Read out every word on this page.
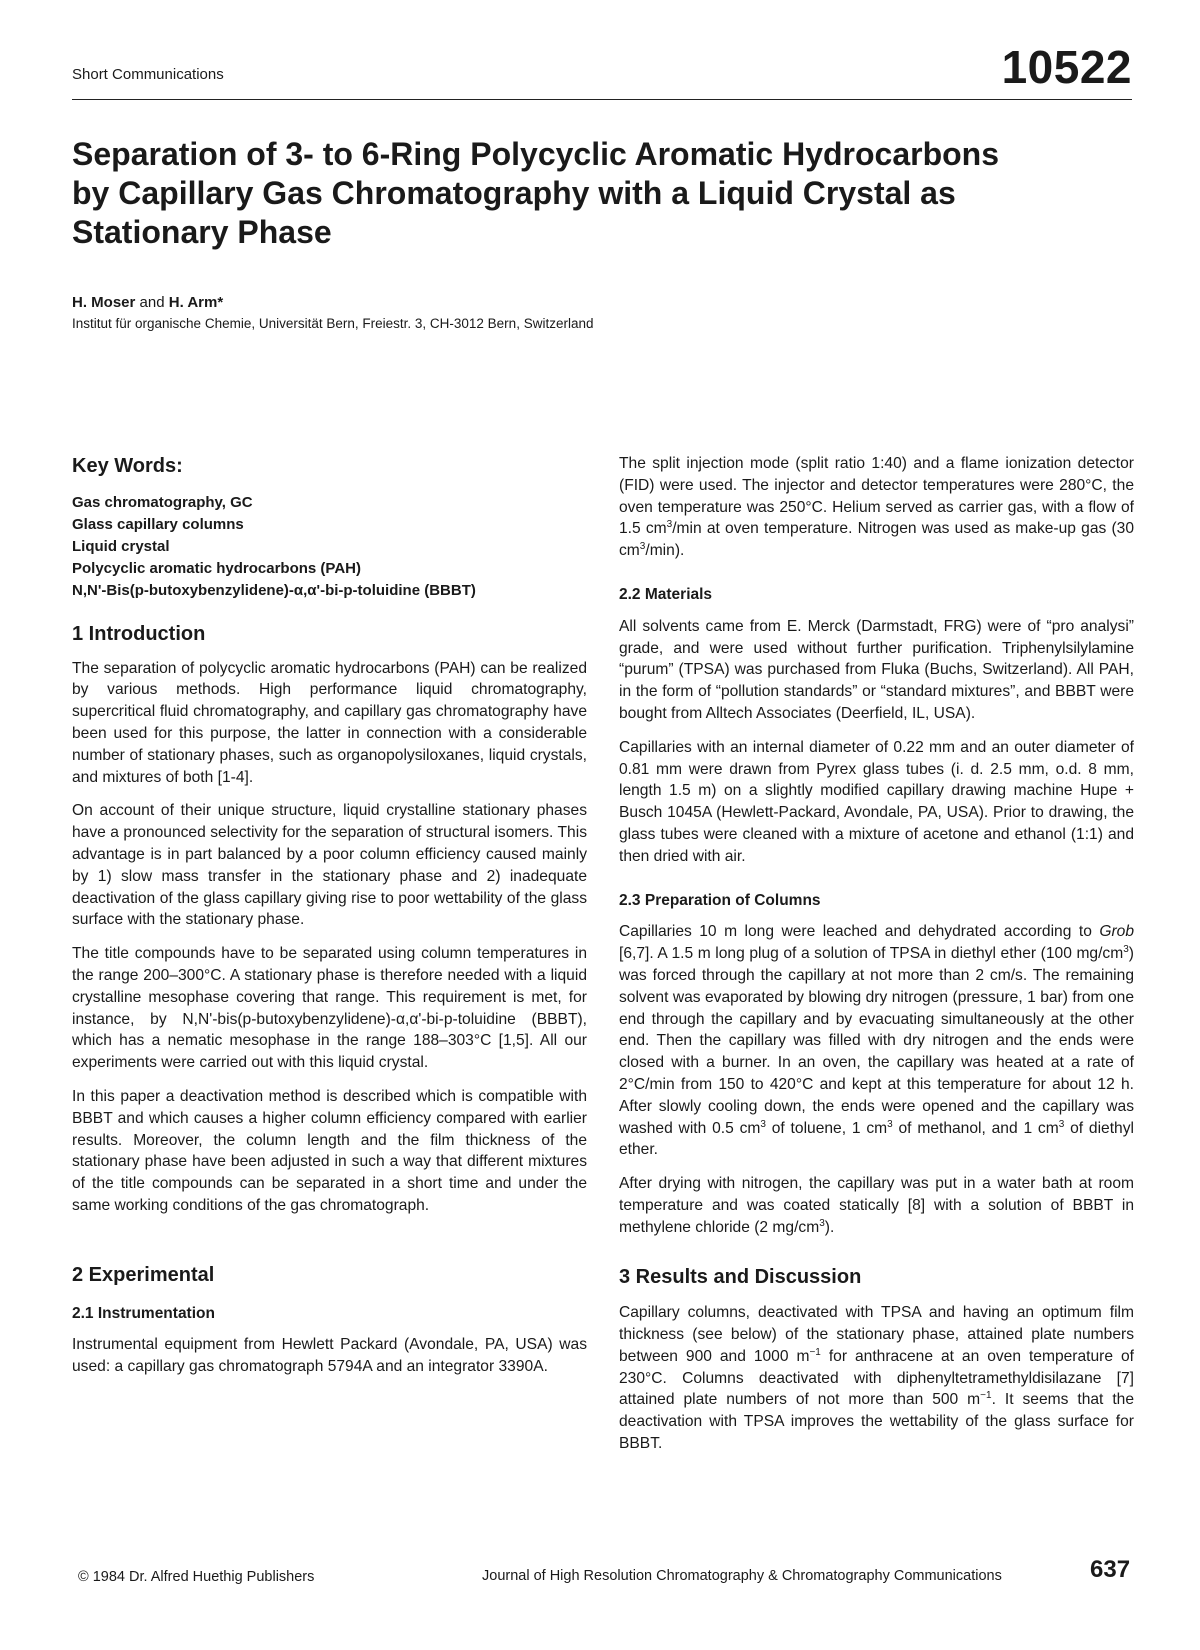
Short Communications	10522
Separation of 3- to 6-Ring Polycyclic Aromatic Hydrocarbons by Capillary Gas Chromatography with a Liquid Crystal as Stationary Phase
H. Moser and H. Arm*
Institut für organische Chemie, Universität Bern, Freiestr. 3, CH-3012 Bern, Switzerland
Key Words:
Gas chromatography, GC
Glass capillary columns
Liquid crystal
Polycyclic aromatic hydrocarbons (PAH)
N,N'-Bis(p-butoxybenzylidene)-α,α'-bi-p-toluidine (BBBT)
1 Introduction

The separation of polycyclic aromatic hydrocarbons (PAH) can be realized by various methods. High performance liquid chromatography, supercritical fluid chromatography, and capillary gas chromatography have been used for this purpose, the latter in connection with a considerable number of stationary phases, such as organopolysiloxanes, liquid crystals, and mixtures of both [1-4].

On account of their unique structure, liquid crystalline stationary phases have a pronounced selectivity for the separation of structural isomers. This advantage is in part balanced by a poor column efficiency caused mainly by 1) slow mass transfer in the stationary phase and 2) inadequate deactivation of the glass capillary giving rise to poor wettability of the glass surface with the stationary phase.

The title compounds have to be separated using column temperatures in the range 200–300°C. A stationary phase is therefore needed with a liquid crystalline mesophase covering that range. This requirement is met, for instance, by N,N'-bis(p-butoxybenzylidene)-α,α'-bi-p-toluidine (BBBT), which has a nematic mesophase in the range 188–303°C [1,5]. All our experiments were carried out with this liquid crystal.

In this paper a deactivation method is described which is compatible with BBBT and which causes a higher column efficiency compared with earlier results. Moreover, the column length and the film thickness of the stationary phase have been adjusted in such a way that different mixtures of the title compounds can be separated in a short time and under the same working conditions of the gas chromatograph.

2 Experimental
2.1 Instrumentation

Instrumental equipment from Hewlett Packard (Avondale, PA, USA) was used: a capillary gas chromatograph 5794A and an integrator 3390A.

The split injection mode (split ratio 1:40) and a flame ionization detector (FID) were used. The injector and detector temperatures were 280°C, the oven temperature was 250°C. Helium served as carrier gas, with a flow of 1.5 $cm^3/\min$ at oven temperature. Nitrogen was used as make-up gas (30 $cm^3/\min$).

2.2 Materials

All solvents came from E. Merck (Darmstadt, FRG) were of “pro analysi” grade, and were used without further purification. Triphenylsilylamine “purum” (TPSA) was purchased from Fluka (Buchs, Switzerland). All PAH, in the form of “pollution standards” or “standard mixtures”, and BBBT were bought from Alltech Associates (Deerfield, IL, USA).

Capillaries with an internal diameter of 0.22 mm and an outer diameter of 0.81 mm were drawn from Pyrex glass tubes (i. d. 2.5 mm, o.d. 8 mm, length 1.5 m) on a slightly modified capillary drawing machine Hupe + Busch 1045A (Hewlett-Packard, Avondale, PA, USA). Prior to drawing, the glass tubes were cleaned with a mixture of acetone and ethanol (1:1) and then dried with air.

2.3 Preparation of Columns

Capillaries 10 m long were leached and dehydrated according to Grob [6,7]. A 1.5 m long plug of a solution of TPSA in diethyl ether (100 $mg/cm^3$) was forced through the capillary at not more than 2 cm/s. The remaining solvent was evaporated by blowing dry nitrogen (pressure, 1 bar) from one end through the capillary and by evacuating simultaneously at the other end. Then the capillary was filled with dry nitrogen and the ends were closed with a burner. In an oven, the capillary was heated at a rate of 2°C/min from 150 to 420°C and kept at this temperature for about 12 h. After slowly cooling down, the ends were opened and the capillary was washed with 0.5 $cm^3$ of toluene, 1 $cm^3$ of methanol, and 1 $cm^3$ of diethyl ether.

After drying with nitrogen, the capillary was put in a water bath at room temperature and was coated statically [8] with a solution of BBBT in methylene chloride (2 $mg/cm^3$).

3 Results and Discussion

Capillary columns, deactivated with TPSA and having an optimum film thickness (see below) of the stationary phase, attained plate numbers between 900 and 1000 $m^{-1}$ for anthracene at an oven temperature of 230°C. Columns deactivated with diphenyltetramethyldisilazane [7] attained plate numbers of not more than 500 $m^{-1}$. It seems that the deactivation with TPSA improves the wettability of the glass surface for BBBT.

© 1984 Dr. Alfred Huethig Publishers	Journal of High Resolution Chromatography & Chromatography Communications	637
